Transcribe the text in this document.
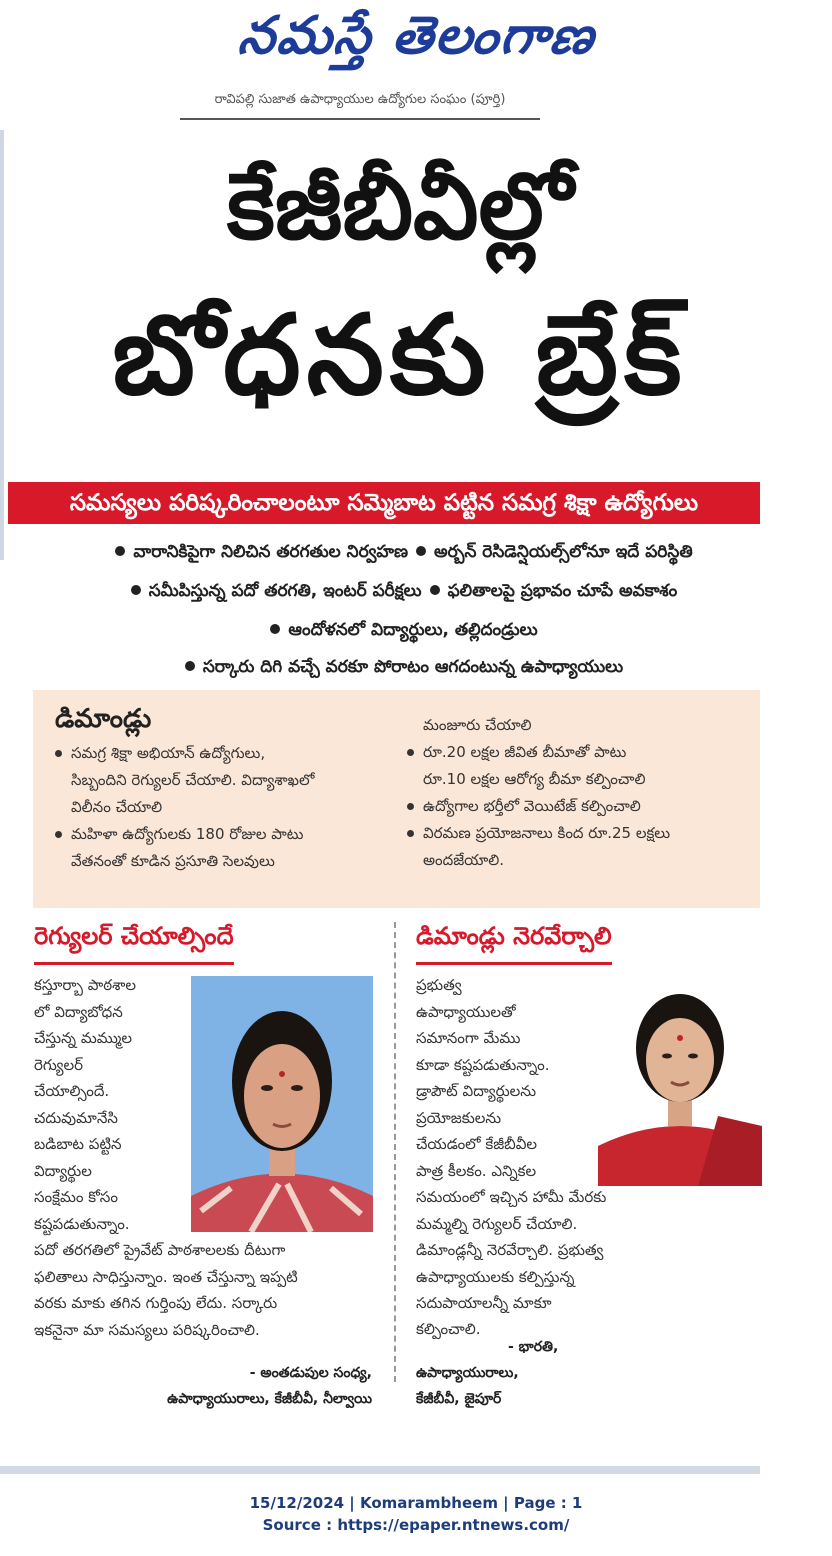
నమస్తే తెలంగాణ
రావిపల్లి సుజాత ఉపాధ్యాయుల ఉద్యోగుల సంఘం (పూర్తి)
కేజీబీవీల్లో
బోధనకు బ్రేక్
సమస్యలు పరిష్కరించాలంటూ సమ్మెబాట పట్టిన సమగ్ర శిక్షా ఉద్యోగులు
వారానికిపైగా నిలిచిన తరగతుల నిర్వహణ అర్బన్ రెసిడెన్షియల్స్‌లోనూ ఇదే పరిస్థితి
సమీపిస్తున్న పదో తరగతి, ఇంటర్ పరీక్షలు ఫలితాలపై ప్రభావం చూపే అవకాశం
ఆందోళనలో విద్యార్థులు, తల్లిదండ్రులు
సర్కారు దిగి వచ్చే వరకూ పోరాటం ఆగదంటున్న ఉపాధ్యాయులు
డిమాండ్లు
సమగ్ర శిక్షా అభియాన్ ఉద్యోగులు,
సిబ్బందిని రెగ్యులర్ చేయాలి. విద్యాశాఖలో
విలీనం చేయాలి
మహిళా ఉద్యోగులకు 180 రోజుల పాటు
వేతనంతో కూడిన ప్రసూతి సెలవులు
మంజూరు చేయాలి
రూ.20 లక్షల జీవిత బీమాతో పాటు
రూ.10 లక్షల ఆరోగ్య బీమా కల్పించాలి
ఉద్యోగాల భర్తీలో వెయిటేజ్ కల్పించాలి
విరమణ ప్రయోజనాలు కింద రూ.25 లక్షలు
అందజేయాలి.
రెగ్యులర్ చేయాల్సిందే	డిమాండ్లు నెరవేర్చాలి
కస్తూర్బా పాఠశాల
లో విద్యాబోధన
చేస్తున్న మమ్ముల
రెగ్యులర్
చేయాల్సిందే.
చదువుమానేసి
బడిబాట పట్టిన
విద్యార్థుల
సంక్షేమం కోసం
కష్టపడుతున్నాం.
పదో తరగతిలో ప్రైవేట్ పాఠశాలలకు దీటుగా
ఫలితాలు సాధిస్తున్నాం. ఇంత చేస్తున్నా ఇప్పటి
వరకు మాకు తగిన గుర్తింపు లేదు. సర్కారు
ఇకనైనా మా సమస్యలు పరిష్కరించాలి.
- అంతడుపుల సంధ్య,
ఉపాధ్యాయురాలు, కేజీబీవీ, నీల్వాయి
ప్రభుత్వ
ఉపాధ్యాయులతో
సమానంగా మేము
కూడా కష్టపడుతున్నాం.
డ్రాపౌట్ విద్యార్థులను
ప్రయోజకులను
చేయడంలో కేజీబీవీల
పాత్ర కీలకం. ఎన్నికల
సమయంలో ఇచ్చిన హామీ మేరకు
మమ్మల్ని రెగ్యులర్ చేయాలి.
డిమాండ్లన్నీ నెరవేర్చాలి. ప్రభుత్వ
ఉపాధ్యాయులకు కల్పిస్తున్న
సదుపాయాలన్నీ మాకూ
కల్పించాలి.
- భారతి,
ఉపాధ్యాయురాలు,
కేజీబీవీ, జైపూర్
15/12/2024 | Komarambheem | Page : 1
Source : https://epaper.ntnews.com/
